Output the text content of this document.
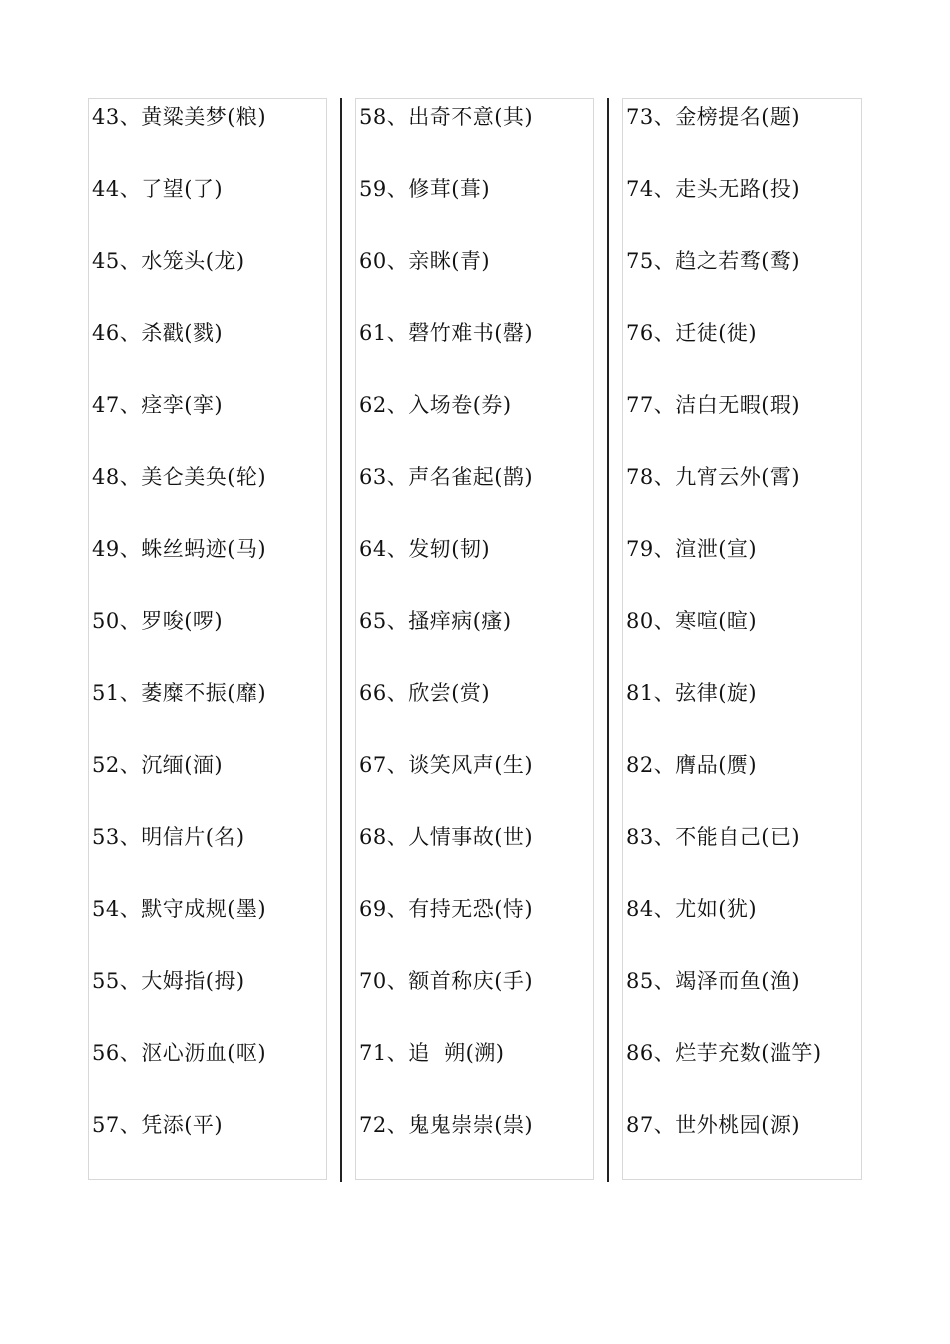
43、黄粱美梦(粮)
44、了望(了)
45、水笼头(龙)
46、杀戳(戮)
47、痉孪(挛)
48、美仑美奂(轮)
49、蛛丝蚂迹(马)
50、罗唆(啰)
51、萎糜不振(靡)
52、沉缅(湎)
53、明信片(名)
54、默守成规(墨)
55、大姆指(拇)
56、沤心沥血(呕)
57、凭添(平)
58、出奇不意(其)
59、修茸(葺)
60、亲眯(青)
61、磬竹难书(罄)
62、入场卷(券)
63、声名雀起(鹊)
64、发轫(韧)
65、搔痒病(瘙)
66、欣尝(赏)
67、谈笑风声(生)
68、人情事故(世)
69、有持无恐(恃)
70、额首称庆(手)
71、追  朔(溯)
72、鬼鬼崇崇(祟)
73、金榜提名(题)
74、走头无路(投)
75、趋之若骛(鹜)
76、迁徒(徙)
77、洁白无暇(瑕)
78、九宵云外(霄)
79、渲泄(宣)
80、寒喧(暄)
81、弦律(旋)
82、膺品(赝)
83、不能自己(已)
84、尤如(犹)
85、竭泽而鱼(渔)
86、烂芋充数(滥竽)
87、世外桃园(源)
